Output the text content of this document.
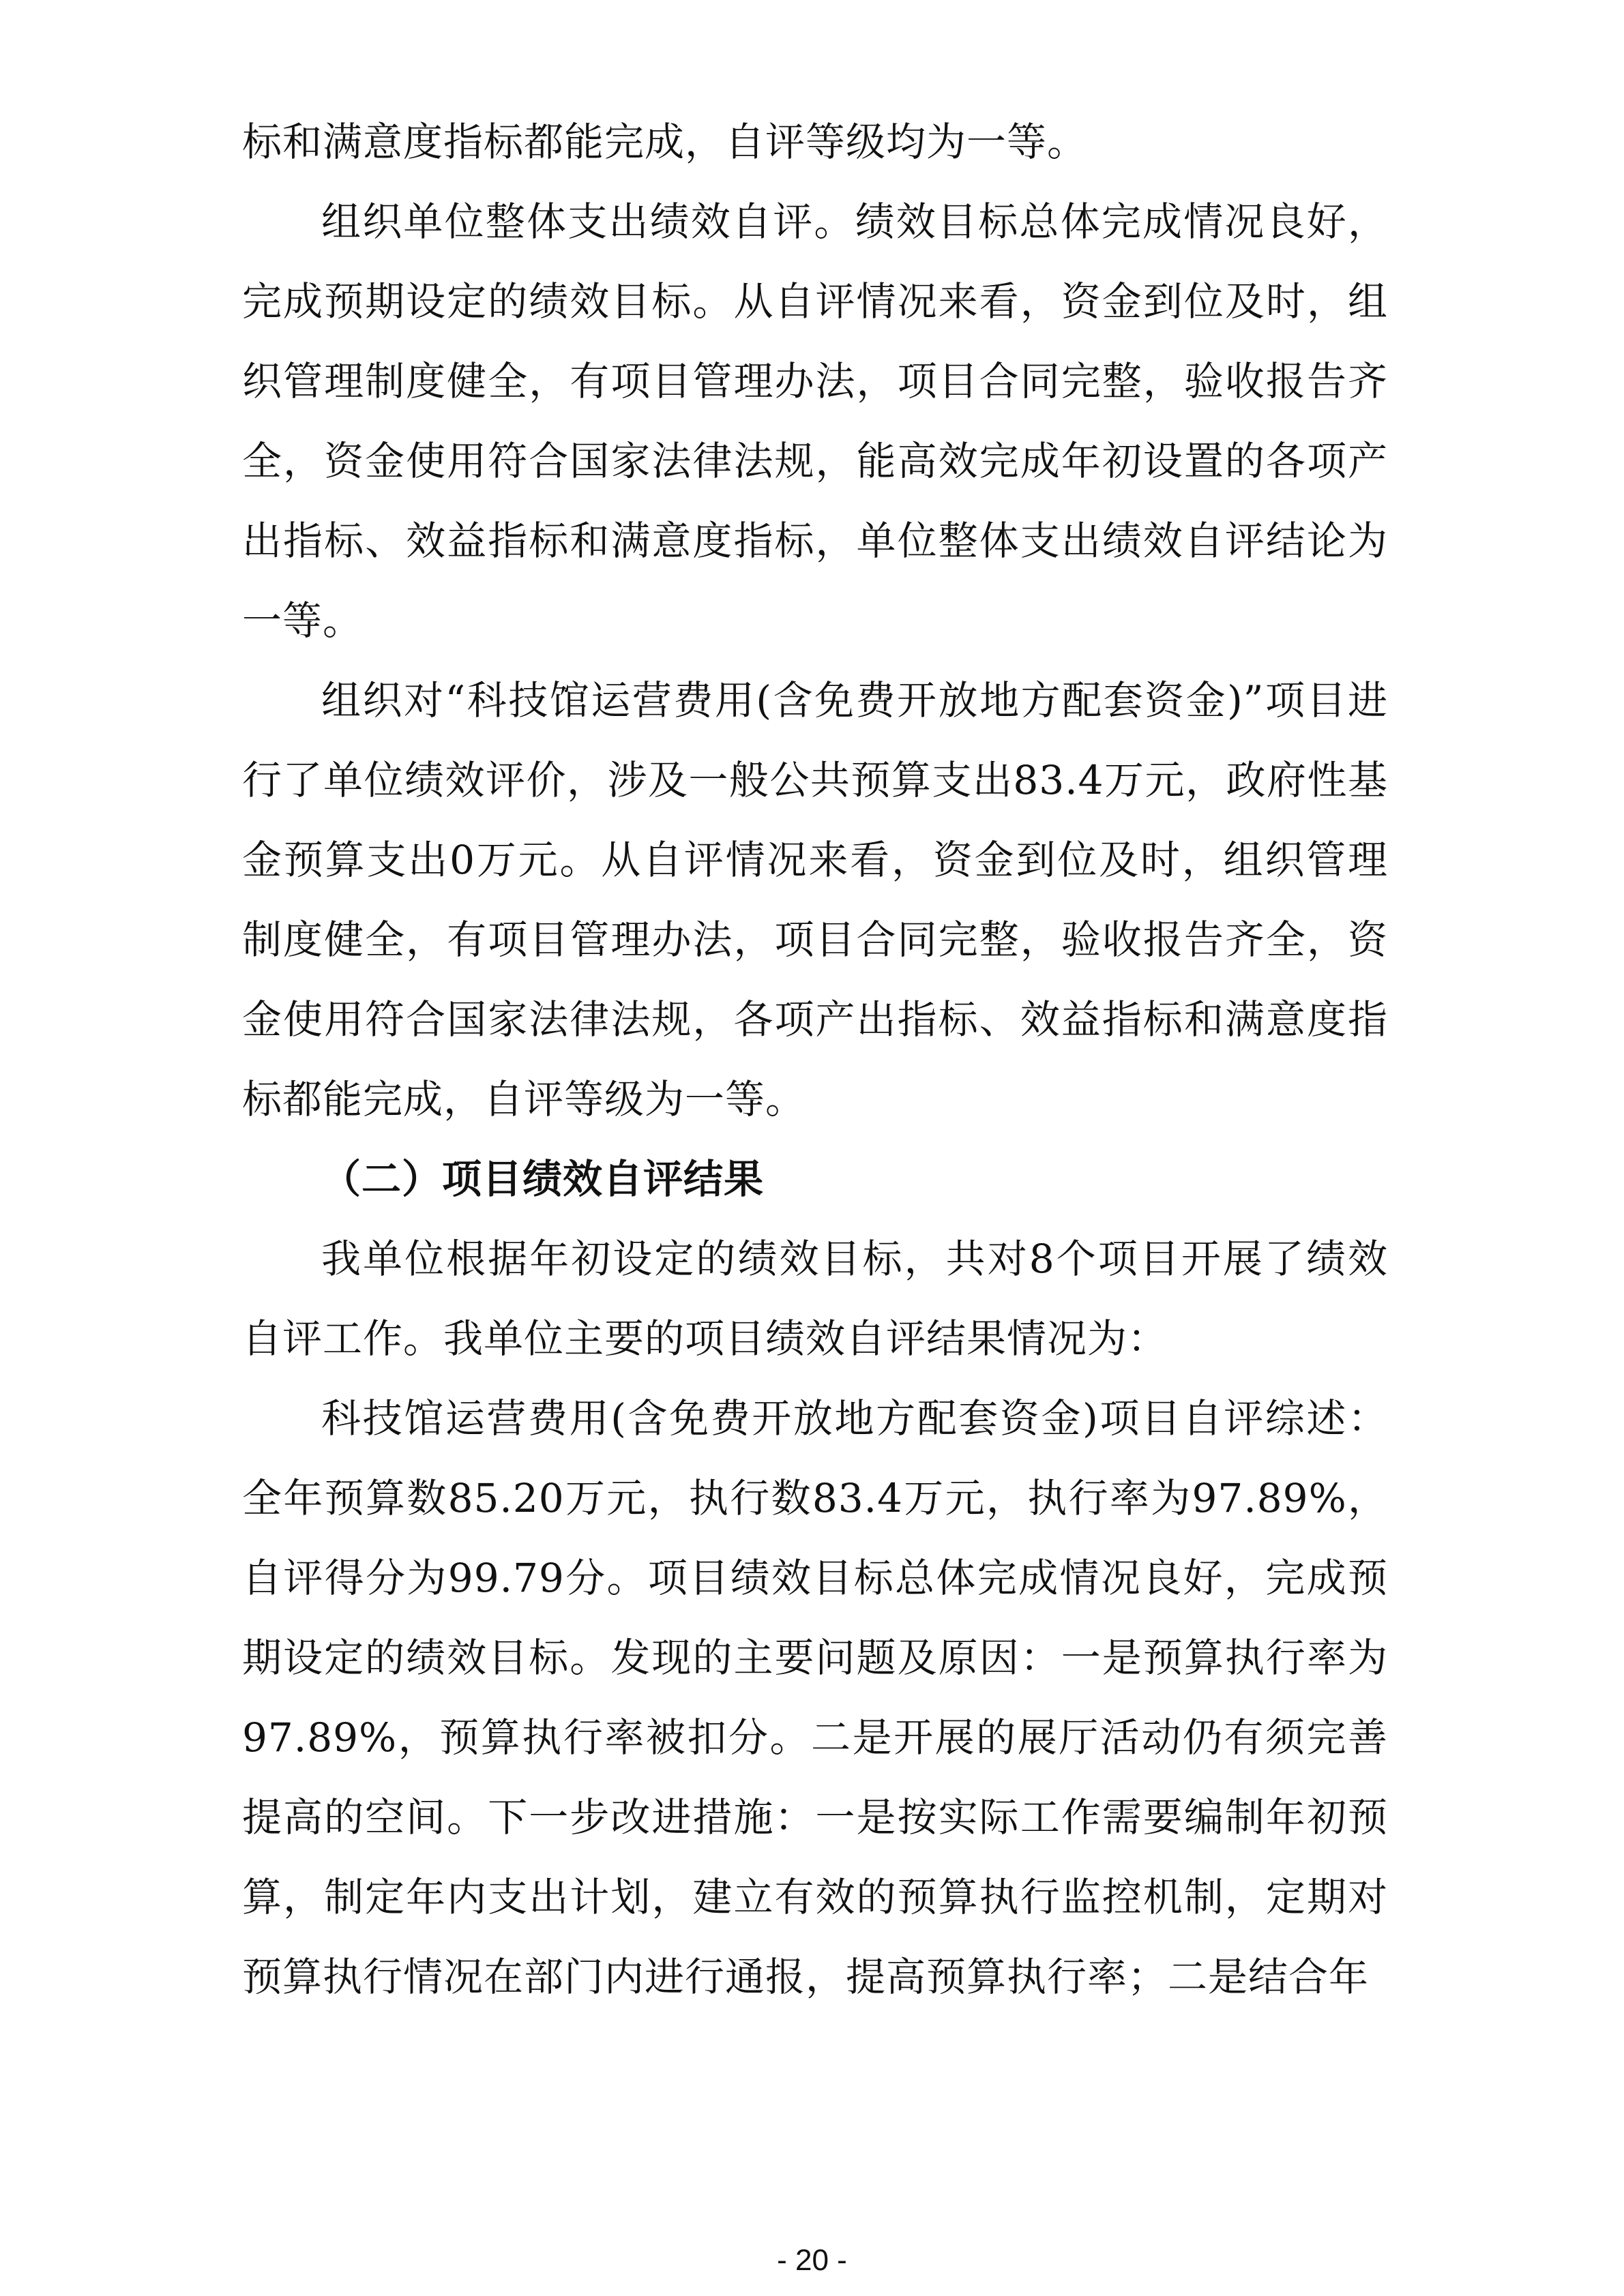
标和满意度指标都能完成，自评等级均为一等。

组织单位整体支出绩效自评。绩效目标总体完成情况良好，完成预期设定的绩效目标。从自评情况来看，资金到位及时，组织管理制度健全，有项目管理办法，项目合同完整，验收报告齐全，资金使用符合国家法律法规，能高效完成年初设置的各项产出指标、效益指标和满意度指标，单位整体支出绩效自评结论为一等。

组织对“科技馆运营费用(含免费开放地方配套资金)”项目进行了单位绩效评价，涉及一般公共预算支出83.4万元，政府性基金预算支出0万元。从自评情况来看，资金到位及时，组织管理制度健全，有项目管理办法，项目合同完整，验收报告齐全，资金使用符合国家法律法规，各项产出指标、效益指标和满意度指标都能完成，自评等级为一等。

（二）项目绩效自评结果

我单位根据年初设定的绩效目标，共对8个项目开展了绩效自评工作。我单位主要的项目绩效自评结果情况为：

科技馆运营费用(含免费开放地方配套资金)项目自评综述：全年预算数85.20万元，执行数83.4万元，执行率为97.89%，自评得分为99.79分。项目绩效目标总体完成情况良好，完成预期设定的绩效目标。发现的主要问题及原因：一是预算执行率为97.89%，预算执行率被扣分。二是开展的展厅活动仍有须完善提高的空间。下一步改进措施：一是按实际工作需要编制年初预算，制定年内支出计划，建立有效的预算执行监控机制，定期对预算执行情况在部门内进行通报，提高预算执行率；二是结合年

- 20 -
